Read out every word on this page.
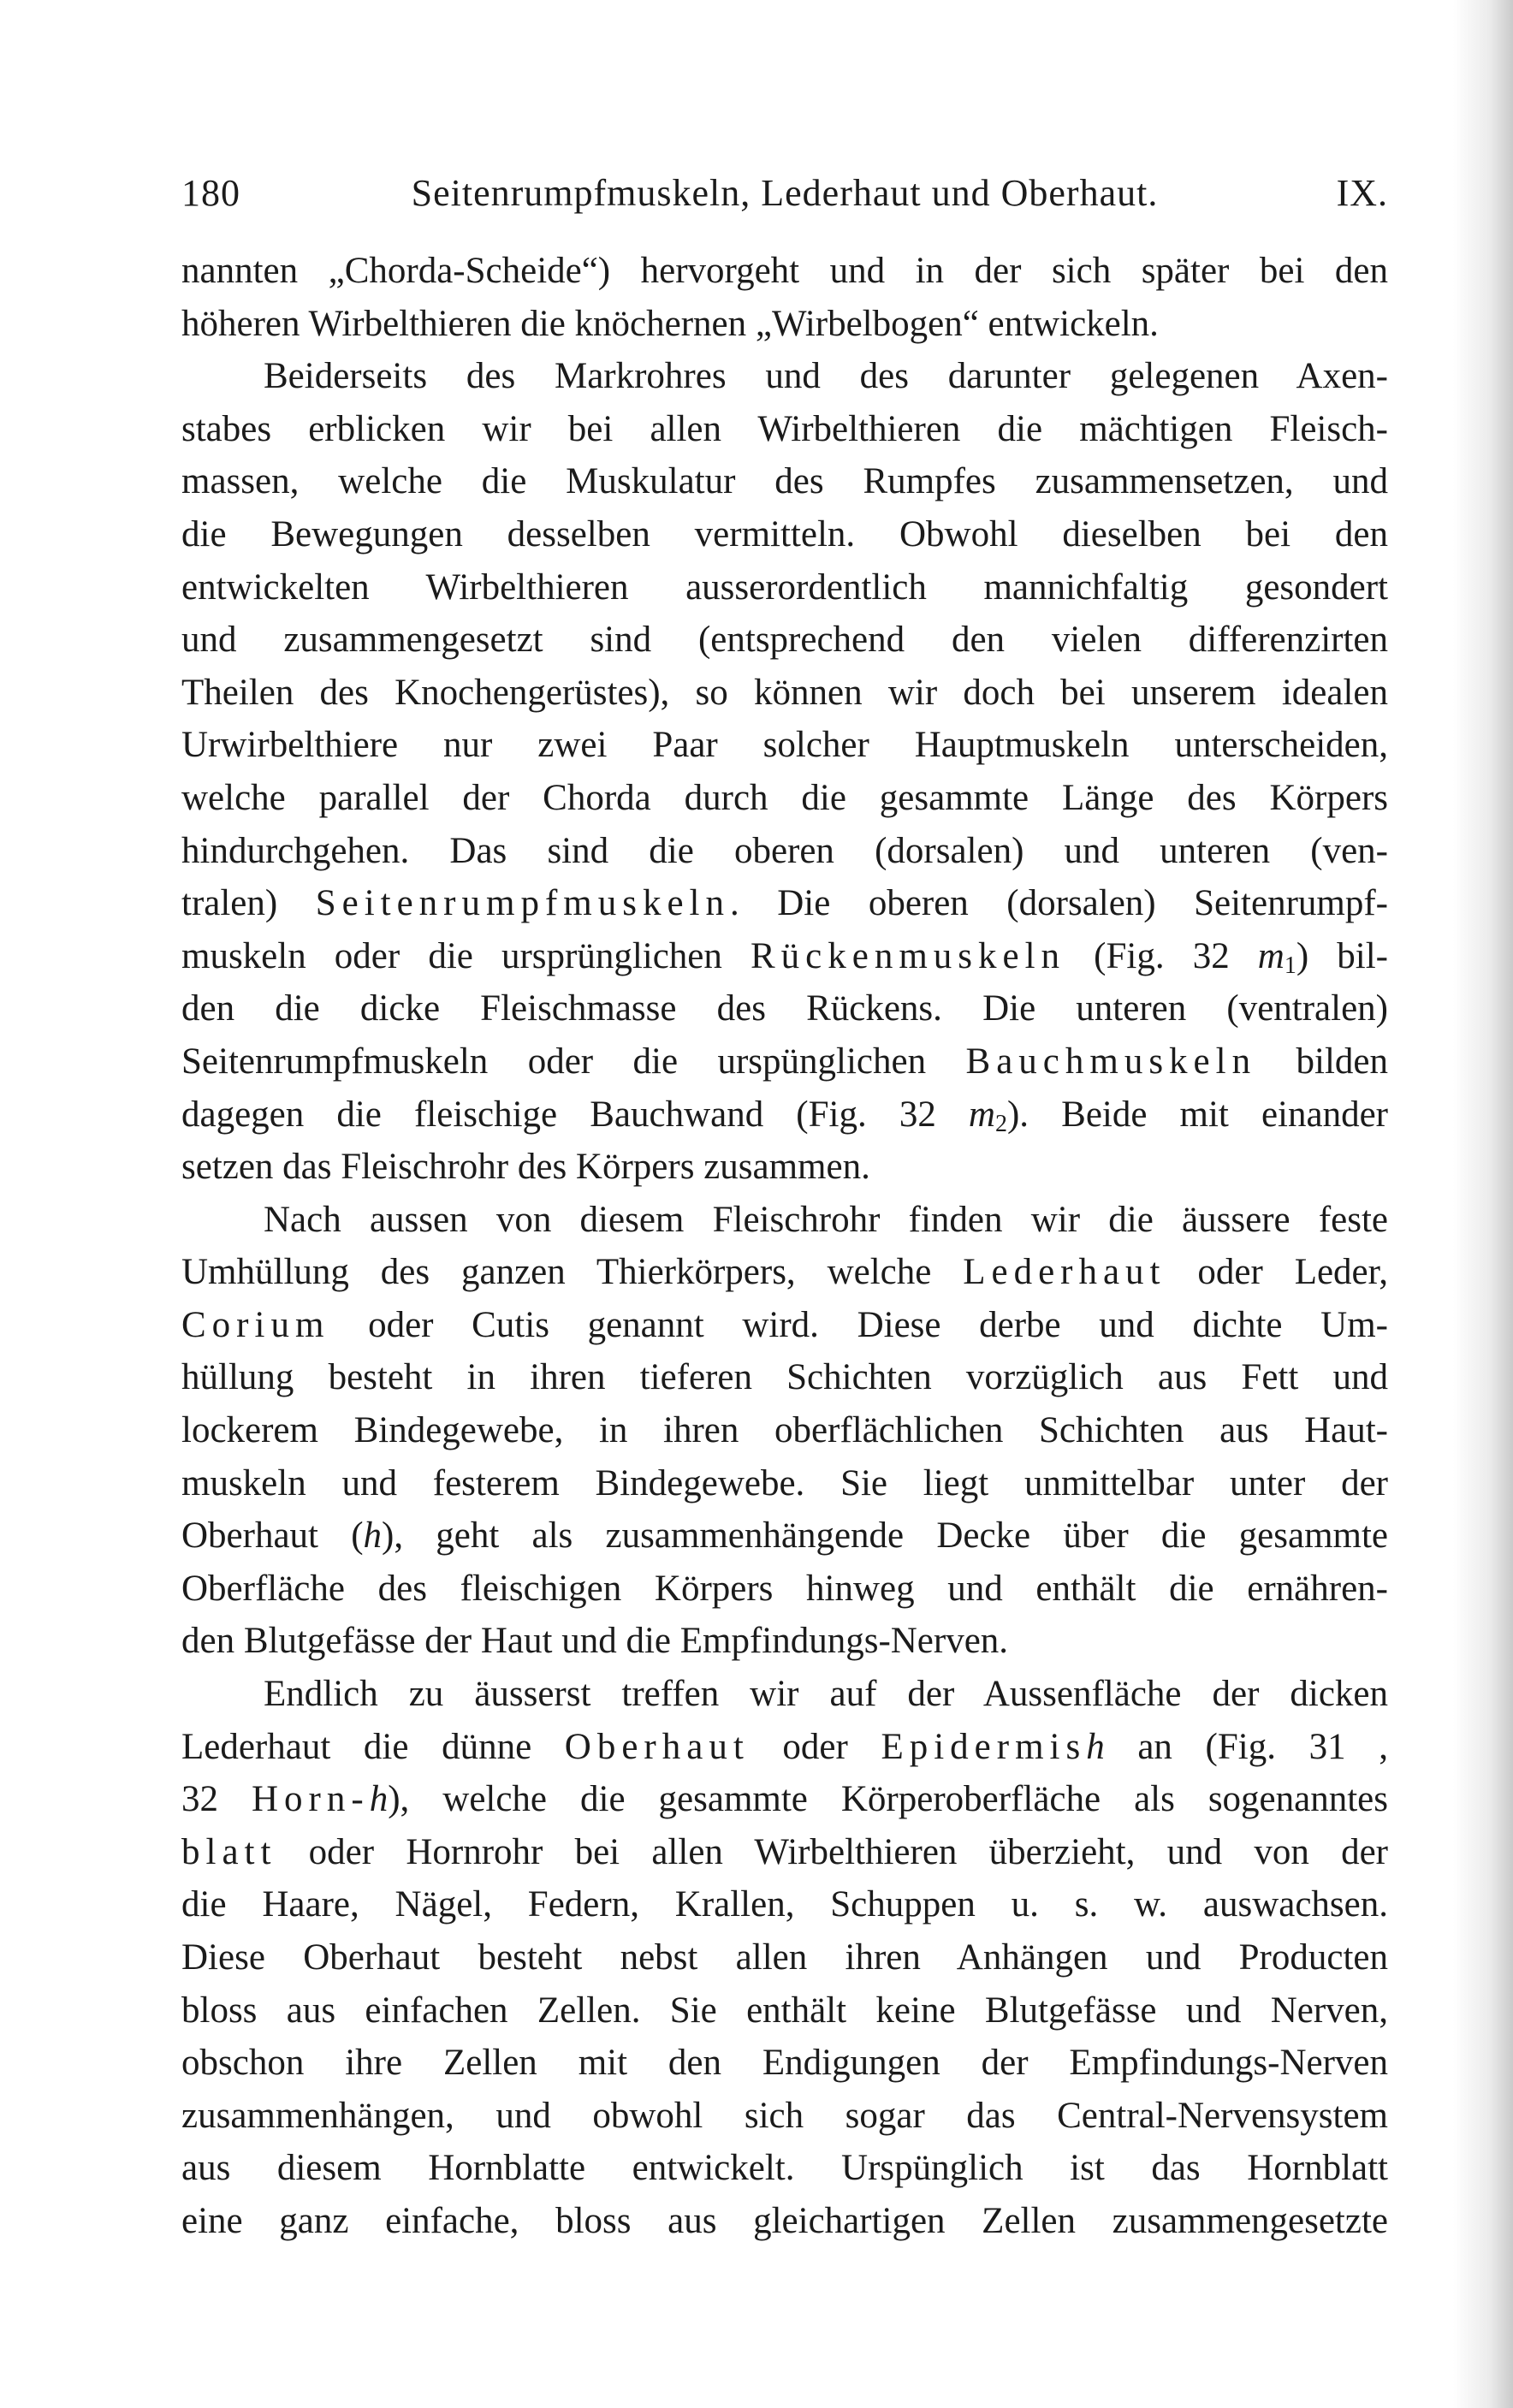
180	Seitenrumpfmuskeln, Lederhaut und Oberhaut.	IX.
nannten „Chorda-Scheide“) hervorgeht und in der sich später bei den
höheren Wirbelthieren die knöchernen „Wirbelbogen“ entwickeln.
Beiderseits des Markrohres und des darunter gelegenen Axen-
stabes erblicken wir bei allen Wirbelthieren die mächtigen Fleisch-
massen, welche die Muskulatur des Rumpfes zusammensetzen, und
die Bewegungen desselben vermitteln. Obwohl dieselben bei den
entwickelten Wirbelthieren ausserordentlich mannichfaltig gesondert
und zusammengesetzt sind (entsprechend den vielen differenzirten
Theilen des Knochengerüstes), so können wir doch bei unserem idealen
Urwirbelthiere nur zwei Paar solcher Hauptmuskeln unterscheiden,
welche parallel der Chorda durch die gesammte Länge des Körpers
hindurchgehen. Das sind die oberen (dorsalen) und unteren (ven-
tralen) Seitenrumpfmuskeln. Die oberen (dorsalen) Seitenrumpf-
muskeln oder die ursprünglichen Rückenmuskeln (Fig. 32 $m_1$) bil-
den die dicke Fleischmasse des Rückens. Die unteren (ventralen)
Seitenrumpfmuskeln oder die urspünglichen Bauchmuskeln bilden
dagegen die fleischige Bauchwand (Fig. 32 $m_2$). Beide mit einander
setzen das Fleischrohr des Körpers zusammen.
Nach aussen von diesem Fleischrohr finden wir die äussere feste
Umhüllung des ganzen Thierkörpers, welche Lederhaut oder Leder,
Corium oder Cutis genannt wird. Diese derbe und dichte Um-
hüllung besteht in ihren tieferen Schichten vorzüglich aus Fett und
lockerem Bindegewebe, in ihren oberflächlichen Schichten aus Haut-
muskeln und festerem Bindegewebe. Sie liegt unmittelbar unter der
Oberhaut (h), geht als zusammenhängende Decke über die gesammte
Oberfläche des fleischigen Körpers hinweg und enthält die ernähren-
den Blutgefässe der Haut und die Empfindungs-Nerven.
Endlich zu äusserst treffen wir auf der Aussenfläche der dicken
Lederhaut die dünne Oberhaut oder Epidermish an (Fig. 31 ,
32 Horn-h), welche die gesammte Körperoberfläche als sogenanntes
blatt oder Hornrohr bei allen Wirbelthieren überzieht, und von der
die Haare, Nägel, Federn, Krallen, Schuppen u. s. w. auswachsen.
Diese Oberhaut besteht nebst allen ihren Anhängen und Producten
bloss aus einfachen Zellen. Sie enthält keine Blutgefässe und Nerven,
obschon ihre Zellen mit den Endigungen der Empfindungs-Nerven
zusammenhängen, und obwohl sich sogar das Central-Nervensystem
aus diesem Hornblatte entwickelt. Urspünglich ist das Hornblatt
eine ganz einfache, bloss aus gleichartigen Zellen zusammengesetzte
